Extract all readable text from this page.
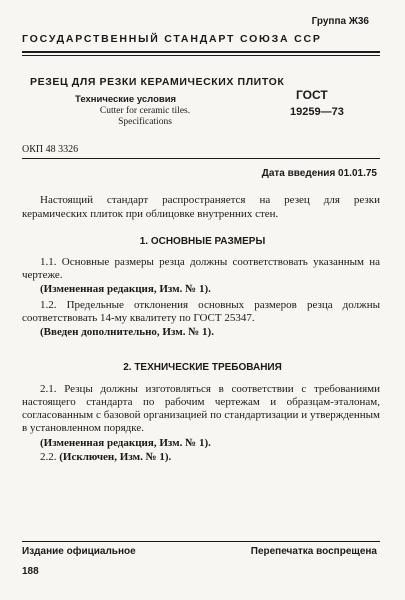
Группа Ж36
ГОСУДАРСТВЕННЫЙ СТАНДАРТ СОЮЗА ССР
РЕЗЕЦ ДЛЯ РЕЗКИ КЕРАМИЧЕСКИХ ПЛИТОК
Технические условия
Cutter for ceramic tiles.
Specifications
ГОСТ
19259—73
ОКП 48 3326
Дата введения 01.01.75
Настоящий стандарт распространяется на резец для резки керамических плиток при облицовке внутренних стен.
1. ОСНОВНЫЕ РАЗМЕРЫ
1.1. Основные размеры резца должны соответствовать указанным на чертеже.
(Измененная редакция, Изм. № 1).
1.2. Предельные отклонения основных размеров резца должны соответствовать 14-му квалитету по ГОСТ 25347.
(Введен дополнительно, Изм. № 1).
2. ТЕХНИЧЕСКИЕ ТРЕБОВАНИЯ
2.1. Резцы должны изготовляться в соответствии с требованиями настоящего стандарта по рабочим чертежам и образцам-эталонам, согласованным с базовой организацией по стандартизации и утвержденным в установленном порядке.
(Измененная редакция, Изм. № 1).
2.2. (Исключен, Изм. № 1).
Издание официальное	Перепечатка воспрещена
188
